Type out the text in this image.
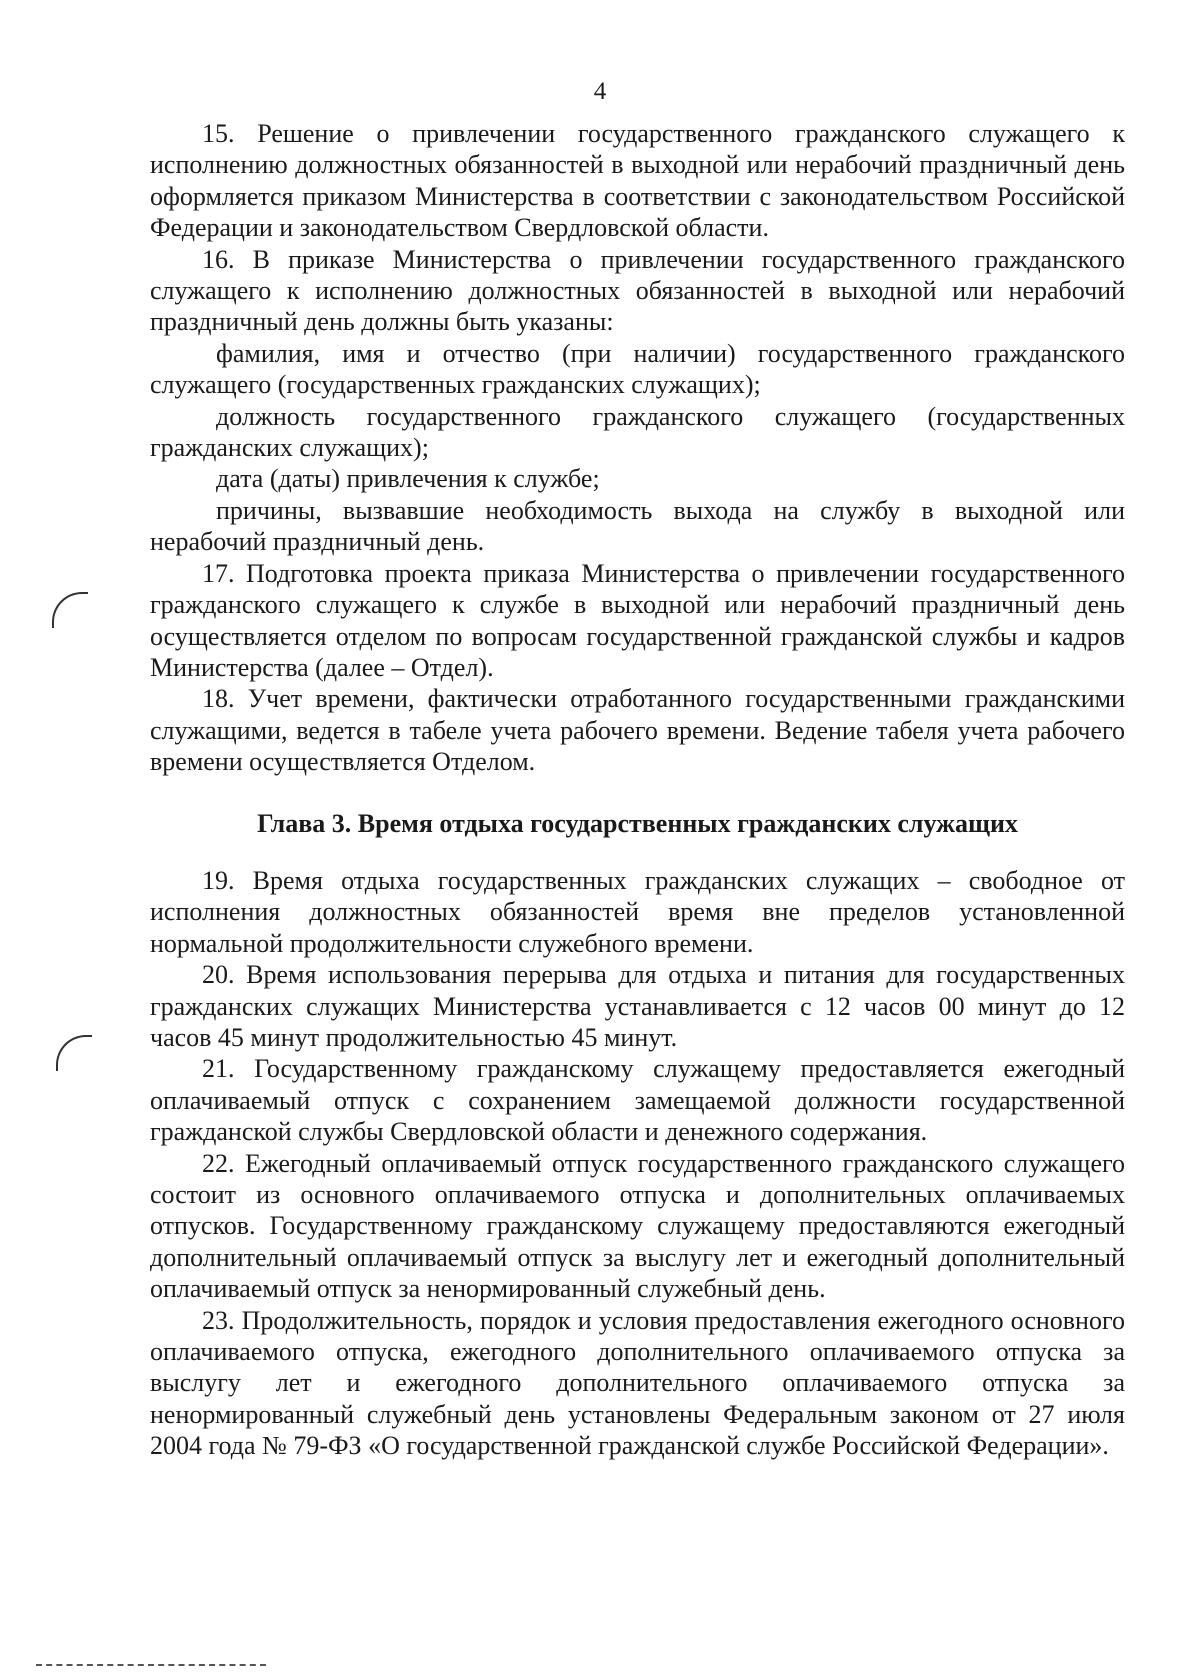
4

15. Решение о привлечении государственного гражданского служащего к исполнению должностных обязанностей в выходной или нерабочий праздничный день оформляется приказом Министерства в соответствии с законодательством Российской Федерации и законодательством Свердловской области.

16. В приказе Министерства о привлечении государственного гражданского служащего к исполнению должностных обязанностей в выходной или нерабочий праздничный день должны быть указаны:

фамилия, имя и отчество (при наличии) государственного гражданского служащего (государственных гражданских служащих);

должность государственного гражданского служащего (государственных гражданских служащих);

дата (даты) привлечения к службе;

причины, вызвавшие необходимость выхода на службу в выходной или нерабочий праздничный день.

17. Подготовка проекта приказа Министерства о привлечении государственного гражданского служащего к службе в выходной или нерабочий праздничный день осуществляется отделом по вопросам государственной гражданской службы и кадров Министерства (далее – Отдел).

18. Учет времени, фактически отработанного государственными гражданскими служащими, ведется в табеле учета рабочего времени. Ведение табеля учета рабочего времени осуществляется Отделом.

Глава 3. Время отдыха государственных гражданских служащих

19. Время отдыха государственных гражданских служащих – свободное от исполнения должностных обязанностей время вне пределов установленной нормальной продолжительности служебного времени.

20. Время использования перерыва для отдыха и питания для государственных гражданских служащих Министерства устанавливается с 12 часов 00 минут до 12 часов 45 минут продолжительностью 45 минут.

21. Государственному гражданскому служащему предоставляется ежегодный оплачиваемый отпуск с сохранением замещаемой должности государственной гражданской службы Свердловской области и денежного содержания.

22. Ежегодный оплачиваемый отпуск государственного гражданского служащего состоит из основного оплачиваемого отпуска и дополнительных оплачиваемых отпусков. Государственному гражданскому служащему предоставляются ежегодный дополнительный оплачиваемый отпуск за выслугу лет и ежегодный дополнительный оплачиваемый отпуск за ненормированный служебный день.

23. Продолжительность, порядок и условия предоставления ежегодного основного оплачиваемого отпуска, ежегодного дополнительного оплачиваемого отпуска за выслугу лет и ежегодного дополнительного оплачиваемого отпуска за ненормированный служебный день установлены Федеральным законом от 27 июля 2004 года № 79-ФЗ «О государственной гражданской службе Российской Федерации».
